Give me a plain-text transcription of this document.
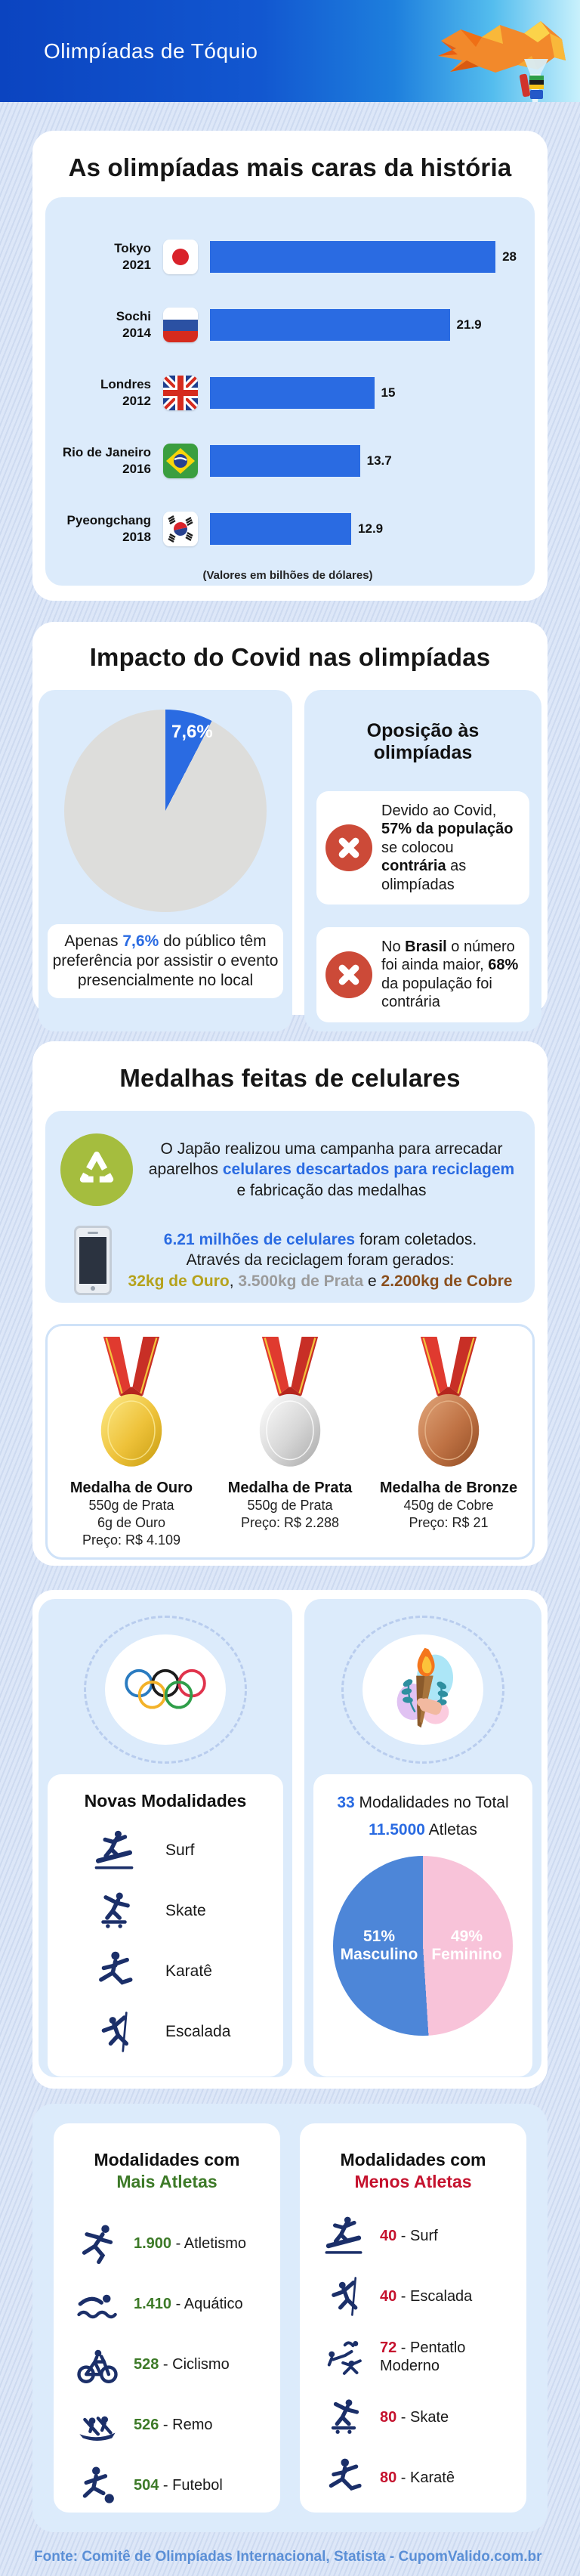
Olimpíadas de Tóquio
As olimpíadas mais caras da história
Tokyo
2021
28
Sochi
2014
21.9
Londres
2012
15
Rio de Janeiro
2016
13.7
Pyeongchang
2018
12.9
(Valores em bilhões de dólares)
Impacto do Covid nas olimpíadas
7,6%
Apenas 7,6% do público têm preferência por assistir o evento presencialmente no local
Oposição às olimpíadas
Devido ao Covid, 57% da população se colocou contrária as olimpíadas
No Brasil o número foi ainda maior, 68% da população foi contrária
Medalhas feitas de celulares
O Japão realizou uma campanha para arrecadar aparelhos celulares descartados para reciclagem e fabricação das medalhas
6.21 milhões de celulares foram coletados.
Através da reciclagem foram gerados:
32kg de Ouro, 3.500kg de Prata e 2.200kg de Cobre
Medalha de Ouro
550g de Prata
6g de Ouro
Preço: R$ 4.109
Medalha de Prata
550g de Prata
Preço: R$ 2.288
Medalha de Bronze
450g de Cobre
Preço: R$ 21
Novas Modalidades
Surf
Skate
Karatê
Escalada
33 Modalidades no Total
11.5000 Atletas
51%
Masculino
49%
Feminino
Modalidades com
Mais Atletas
1.900 - Atletismo
1.410 - Aquático
528 - Ciclismo
526 - Remo
504 - Futebol
Modalidades com
Menos Atletas
40 - Surf
40 - Escalada
72 - Pentatlo Moderno
80 - Skate
80 - Karatê
Fonte: Comitê de Olimpíadas Internacional, Statista - CupomValido.com.br
